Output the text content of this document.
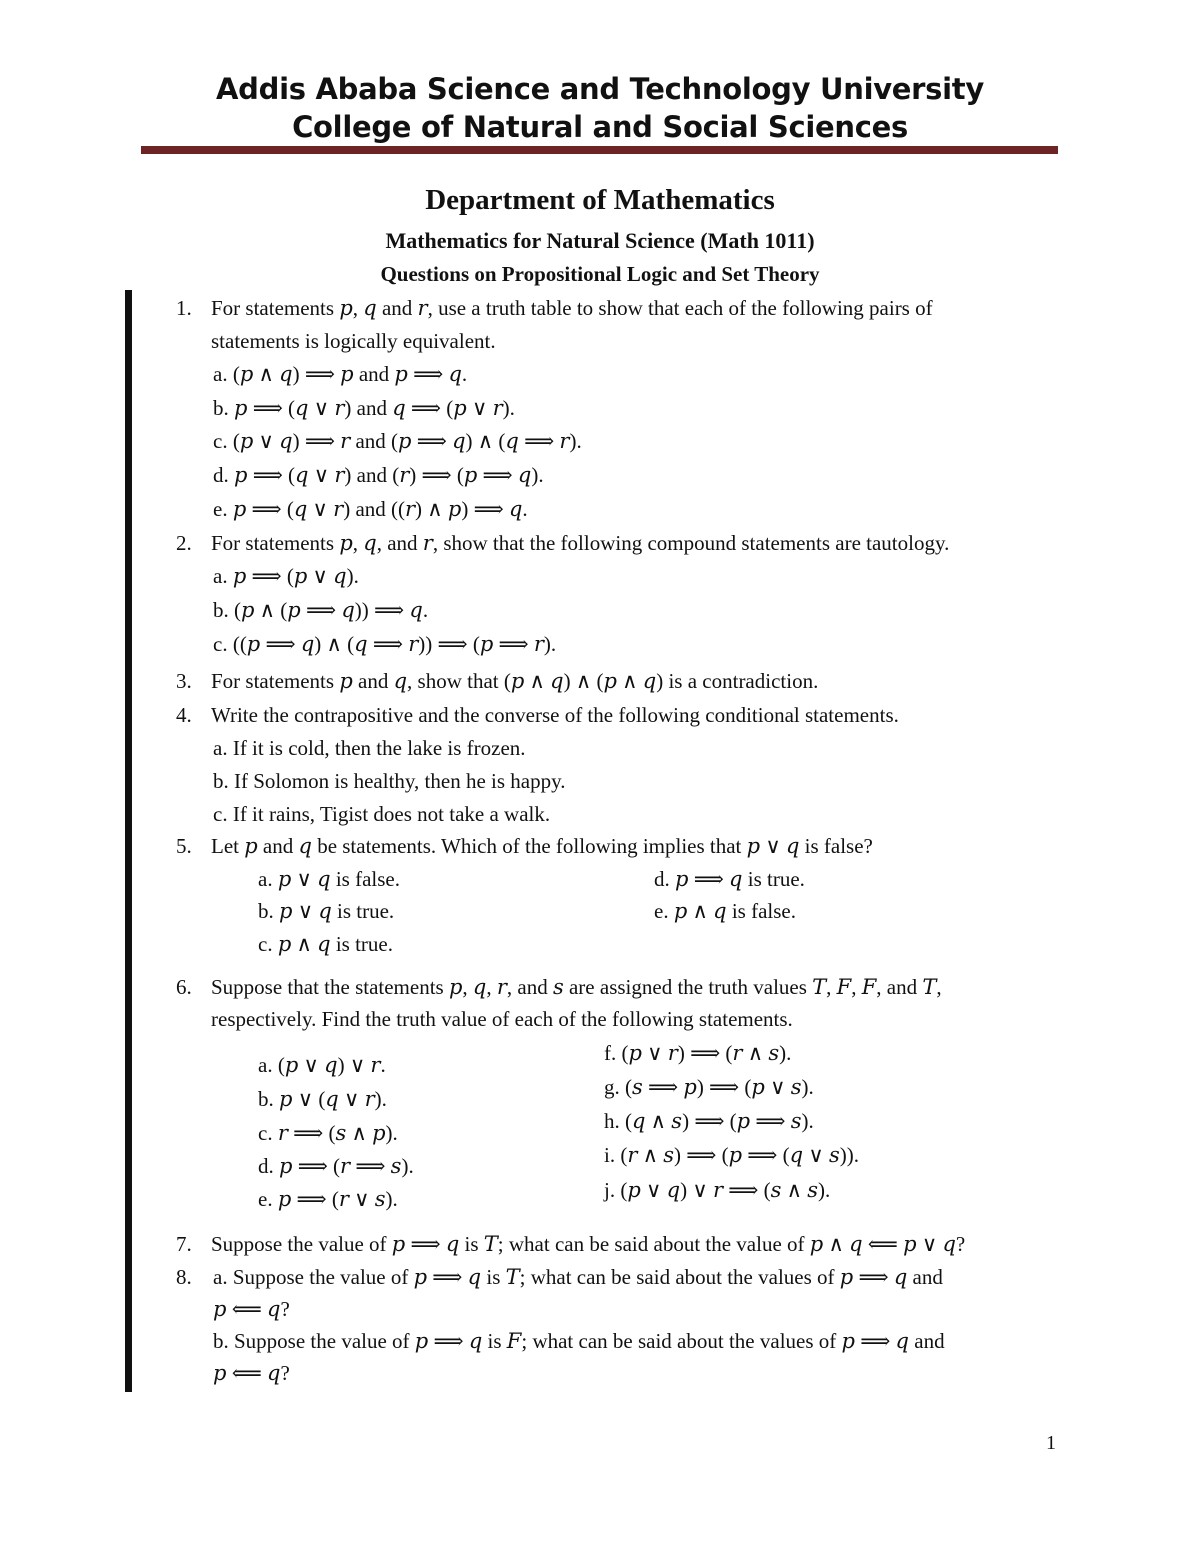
Addis Ababa Science and Technology University
College of Natural and Social Sciences
Department of Mathematics
Mathematics for Natural Science (Math 1011)
Questions on Propositional Logic and Set Theory
1. For statements 𝑝, 𝑞 and 𝑟, use a truth table to show that each of the following pairs of
statements is logically equivalent.
a. (𝑝 ∧ 𝑞) ⟹ 𝑝 and 𝑝 ⟹ 𝑞.
b. 𝑝 ⟹ (𝑞 ∨ 𝑟) and 𝑞 ⟹ (𝑝 ∨ 𝑟).
c. (𝑝 ∨ 𝑞) ⟹ 𝑟 and (𝑝 ⟹ 𝑞) ∧ (𝑞 ⟹ 𝑟).
d. 𝑝 ⟹ (𝑞 ∨ 𝑟) and (𝑟) ⟹ (𝑝 ⟹ 𝑞).
e. 𝑝 ⟹ (𝑞 ∨ 𝑟) and ((𝑟) ∧ 𝑝) ⟹ 𝑞.
2. For statements 𝑝, 𝑞, and 𝑟, show that the following compound statements are tautology.
a. 𝑝 ⟹ (𝑝 ∨ 𝑞).
b. (𝑝 ∧ (𝑝 ⟹ 𝑞)) ⟹ 𝑞.
c. ((𝑝 ⟹ 𝑞) ∧ (𝑞 ⟹ 𝑟)) ⟹ (𝑝 ⟹ 𝑟).
3. For statements 𝑝 and 𝑞, show that (𝑝 ∧ 𝑞) ∧ (𝑝 ∧ 𝑞) is a contradiction.
4. Write the contrapositive and the converse of the following conditional statements.
a. If it is cold, then the lake is frozen.
b. If Solomon is healthy, then he is happy.
c. If it rains, Tigist does not take a walk.
5. Let 𝑝 and 𝑞 be statements. Which of the following implies that 𝑝 ∨ 𝑞 is false?
a. 𝑝 ∨ 𝑞 is false.
b. 𝑝 ∨ 𝑞 is true.
c. 𝑝 ∧ 𝑞 is true.
d. 𝑝 ⟹ 𝑞 is true.
e. 𝑝 ∧ 𝑞 is false.
6. Suppose that the statements 𝑝, 𝑞, 𝑟, and 𝑠 are assigned the truth values 𝑇, 𝐹, 𝐹, and 𝑇,
respectively. Find the truth value of each of the following statements.
a. (𝑝 ∨ 𝑞) ∨ 𝑟.
b. 𝑝 ∨ (𝑞 ∨ 𝑟).
c. 𝑟 ⟹ (𝑠 ∧ 𝑝).
d. 𝑝 ⟹ (𝑟 ⟹ 𝑠).
e. 𝑝 ⟹ (𝑟 ∨ 𝑠).
f. (𝑝 ∨ 𝑟) ⟹ (𝑟 ∧ 𝑠).
g. (𝑠 ⟹ 𝑝) ⟹ (𝑝 ∨ 𝑠).
h. (𝑞 ∧ 𝑠) ⟹ (𝑝 ⟹ 𝑠).
i. (𝑟 ∧ 𝑠) ⟹ (𝑝 ⟹ (𝑞 ∨ 𝑠)).
j. (𝑝 ∨ 𝑞) ∨ 𝑟 ⟹ (𝑠 ∧ 𝑠).
7. Suppose the value of 𝑝 ⟹ 𝑞 is 𝑇; what can be said about the value of 𝑝 ∧ 𝑞 ⟸ 𝑝 ∨ 𝑞?
8. a. Suppose the value of 𝑝 ⟹ 𝑞 is 𝑇; what can be said about the values of 𝑝 ⟹ 𝑞 and
𝑝 ⟸ 𝑞?
b. Suppose the value of 𝑝 ⟹ 𝑞 is 𝐹; what can be said about the values of 𝑝 ⟹ 𝑞 and
𝑝 ⟸ 𝑞?
1
